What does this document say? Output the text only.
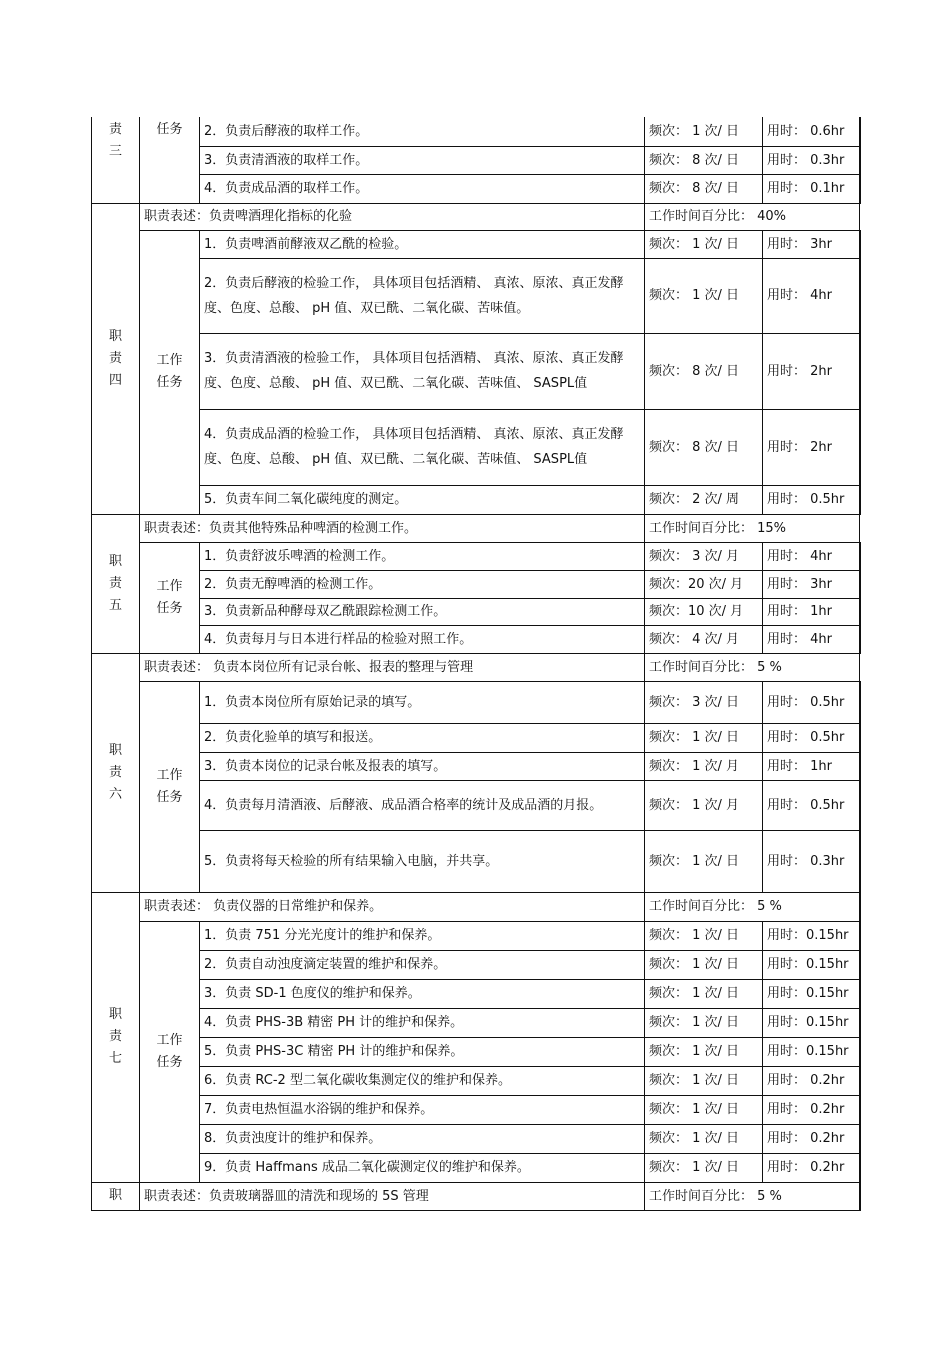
责
三	任务	2．负责后酵液的取样工作。	频次： 1 次/ 日	用时： 0.6hr
		3．负责清酒液的取样工作。	频次： 8 次/ 日	用时： 0.3hr
		4．负责成品酒的取样工作。	频次： 8 次/ 日	用时： 0.1hr

职
责
四	职责表述：负责啤酒理化指标的化验		工作时间百分比： 40%	
	工作任务	1．负责啤酒前酵液双乙酰的检验。	频次： 1 次/ 日	用时： 3hr
		2．负责后酵液的检验工作， 具体项目包括酒精、 真浓、原浓、真正发酵度、色度、总酸、 pH 值、双已酰、二氧化碳、苦味值。	频次： 1 次/ 日	用时： 4hr
		3．负责清酒液的检验工作， 具体项目包括酒精、 真浓、原浓、真正发酵度、色度、总酸、 pH 值、双已酰、二氧化碳、苦味值、 SASPL值	频次： 8 次/ 日	用时： 2hr
		4．负责成品酒的检验工作， 具体项目包括酒精、 真浓、原浓、真正发酵度、色度、总酸、 pH 值、双已酰、二氧化碳、苦味值、 SASPL值	频次： 8 次/ 日	用时： 2hr
		5．负责车间二氧化碳纯度的测定。	频次： 2 次/ 周	用时： 0.5hr

职
责
五	职责表述：负责其他特殊品种啤酒的检测工作。		工作时间百分比： 15%	
	工作任务	1．负责舒波乐啤酒的检测工作。	频次： 3 次/ 月	用时： 4hr
		2．负责无醇啤酒的检测工作。	频次：20 次/ 月	用时： 3hr
		3．负责新品种酵母双乙酰跟踪检测工作。	频次：10 次/ 月	用时： 1hr
		4．负责每月与日本进行样品的检验对照工作。	频次： 4 次/ 月	用时： 4hr

职
责
六	职责表述： 负责本岗位所有记录台帐、报表的整理与管理		工作时间百分比： 5 %	
	工作任务	1．负责本岗位所有原始记录的填写。	频次： 3 次/ 日	用时： 0.5hr
		2．负责化验单的填写和报送。	频次： 1 次/ 日	用时： 0.5hr
		3．负责本岗位的记录台帐及报表的填写。	频次： 1 次/ 月	用时： 1hr
		4．负责每月清酒液、后酵液、成品酒合格率的统计及成品酒的月报。	频次： 1 次/ 月	用时： 0.5hr
		5．负责将每天检验的所有结果输入电脑，并共享。	频次： 1 次/ 日	用时： 0.3hr

职
责
七	职责表述： 负责仪器的日常维护和保养。		工作时间百分比： 5 %	
	工作任务	1．负责 751 分光光度计的维护和保养。	频次： 1 次/ 日	用时：0.15hr
		2．负责自动浊度滴定装置的维护和保养。	频次： 1 次/ 日	用时：0.15hr
		3．负责 SD-1 色度仪的维护和保养。	频次： 1 次/ 日	用时：0.15hr
		4．负责 PHS-3B 精密 PH 计的维护和保养。	频次： 1 次/ 日	用时：0.15hr
		5．负责 PHS-3C 精密 PH 计的维护和保养。	频次： 1 次/ 日	用时：0.15hr
		6．负责 RC-2 型二氧化碳收集测定仪的维护和保养。	频次： 1 次/ 日	用时： 0.2hr
		7．负责电热恒温水浴锅的维护和保养。	频次： 1 次/ 日	用时： 0.2hr
		8．负责浊度计的维护和保养。	频次： 1 次/ 日	用时： 0.2hr
		9．负责 Haffmans 成品二氧化碳测定仪的维护和保养。	频次： 1 次/ 日	用时： 0.2hr

职	职责表述：负责玻璃器皿的清洗和现场的 5S 管理		工作时间百分比： 5 %	
